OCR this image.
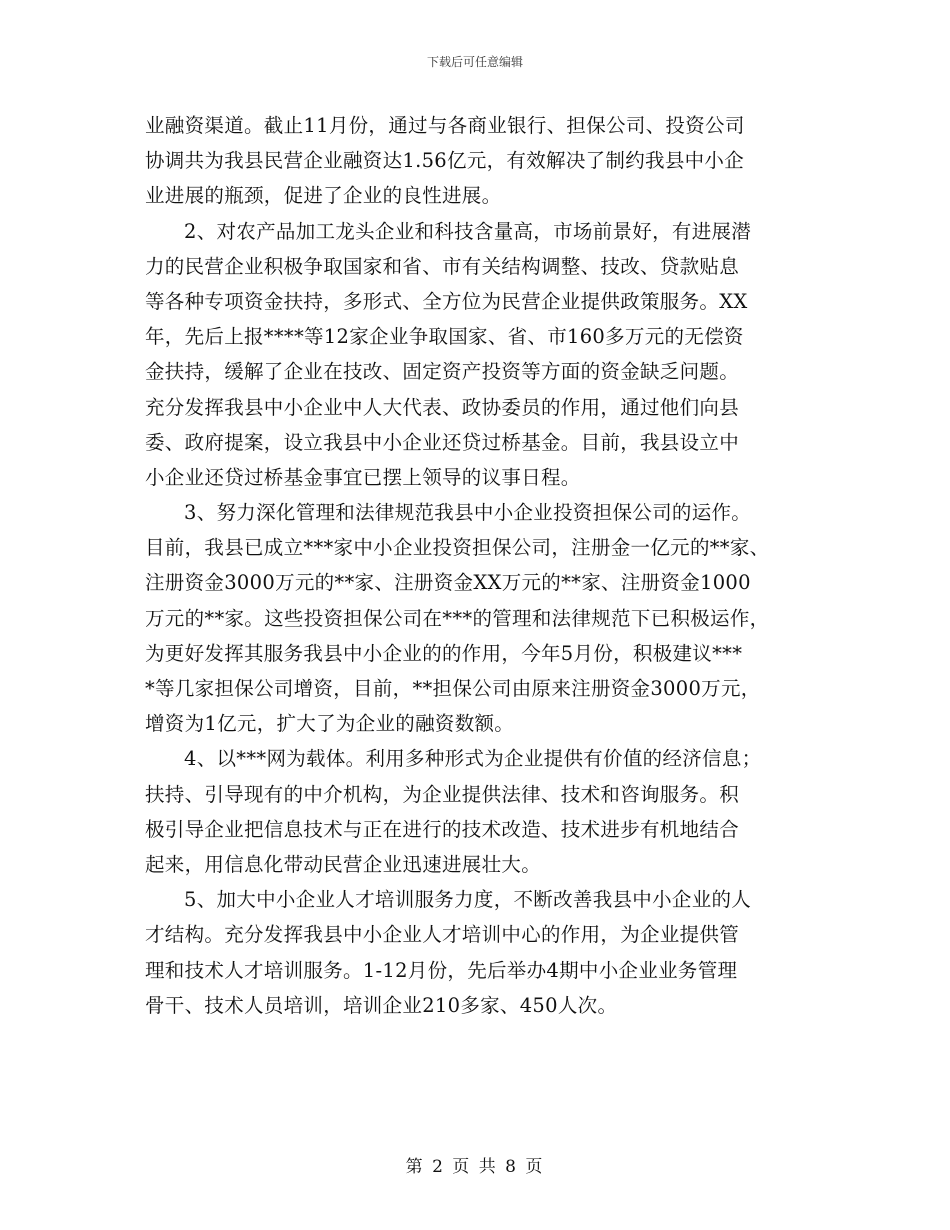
下载后可任意编辑
业融资渠道。截止11月份，通过与各商业银行、担保公司、投资公司
协调共为我县民营企业融资达1.56亿元，有效解决了制约我县中小企
业进展的瓶颈，促进了企业的良性进展。
2、对农产品加工龙头企业和科技含量高，市场前景好，有进展潜
力的民营企业积极争取国家和省、市有关结构调整、技改、贷款贴息
等各种专项资金扶持，多形式、全方位为民营企业提供政策服务。XX
年，先后上报****等12家企业争取国家、省、市160多万元的无偿资
金扶持，缓解了企业在技改、固定资产投资等方面的资金缺乏问题。
充分发挥我县中小企业中人大代表、政协委员的作用，通过他们向县
委、政府提案，设立我县中小企业还贷过桥基金。目前，我县设立中
小企业还贷过桥基金事宜已摆上领导的议事日程。
3、努力深化管理和法律规范我县中小企业投资担保公司的运作。
目前，我县已成立***家中小企业投资担保公司，注册金一亿元的**家、
注册资金3000万元的**家、注册资金XX万元的**家、注册资金1000
万元的**家。这些投资担保公司在***的管理和法律规范下已积极运作，
为更好发挥其服务我县中小企业的的作用，今年5月份，积极建议***
*等几家担保公司增资，目前，**担保公司由原来注册资金3000万元，
增资为1亿元，扩大了为企业的融资数额。
4、以***网为载体。利用多种形式为企业提供有价值的经济信息；
扶持、引导现有的中介机构，为企业提供法律、技术和咨询服务。积
极引导企业把信息技术与正在进行的技术改造、技术进步有机地结合
起来，用信息化带动民营企业迅速进展壮大。
5、加大中小企业人才培训服务力度，不断改善我县中小企业的人
才结构。充分发挥我县中小企业人才培训中心的作用，为企业提供管
理和技术人才培训服务。1-12月份，先后举办4期中小企业业务管理
骨干、技术人员培训，培训企业210多家、450人次。
第 2 页 共 8 页
